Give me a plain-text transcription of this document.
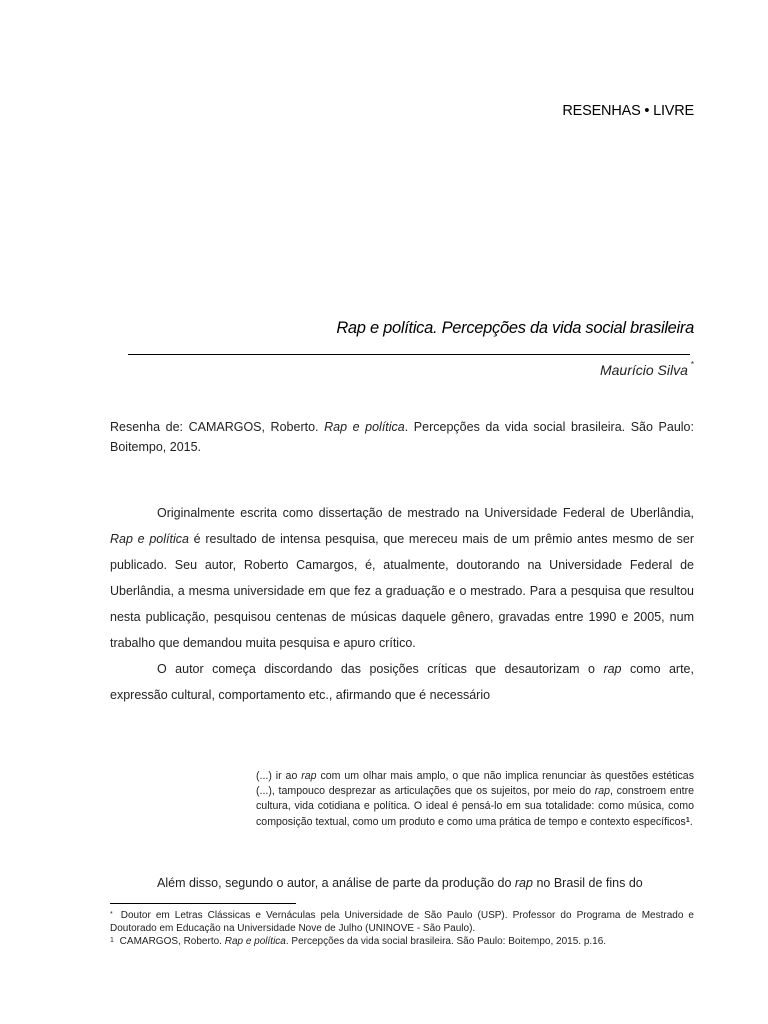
RESENHAS • LIVRE
Rap e política. Percepções da vida social brasileira
Maurício Silva *
Resenha de: CAMARGOS, Roberto. Rap e política. Percepções da vida social brasileira. São Paulo: Boitempo, 2015.

Originalmente escrita como dissertação de mestrado na Universidade Federal de Uberlândia, Rap e política é resultado de intensa pesquisa, que mereceu mais de um prêmio antes mesmo de ser publicado. Seu autor, Roberto Camargos, é, atualmente, doutorando na Universidade Federal de Uberlândia, a mesma universidade em que fez a graduação e o mestrado. Para a pesquisa que resultou nesta publicação, pesquisou centenas de músicas daquele gênero, gravadas entre 1990 e 2005, num trabalho que demandou muita pesquisa e apuro crítico.

O autor começa discordando das posições críticas que desautorizam o rap como arte, expressão cultural, comportamento etc., afirmando que é necessário

(...) ir ao rap com um olhar mais amplo, o que não implica renunciar às questões estéticas (...), tampouco desprezar as articulações que os sujeitos, por meio do rap, constroem entre cultura, vida cotidiana e política. O ideal é pensá-lo em sua totalidade: como música, como composição textual, como um produto e como uma prática de tempo e contexto específicos$^1$.
Além disso, segundo o autor, a análise de parte da produção do rap no Brasil de fins do

* Doutor em Letras Clássicas e Vernáculas pela Universidade de São Paulo (USP). Professor do Programa de Mestrado e Doutorado em Educação na Universidade Nove de Julho (UNINOVE - São Paulo).

$^1$ CAMARGOS, Roberto. Rap e política. Percepções da vida social brasileira. São Paulo: Boitempo, 2015. p.16.
